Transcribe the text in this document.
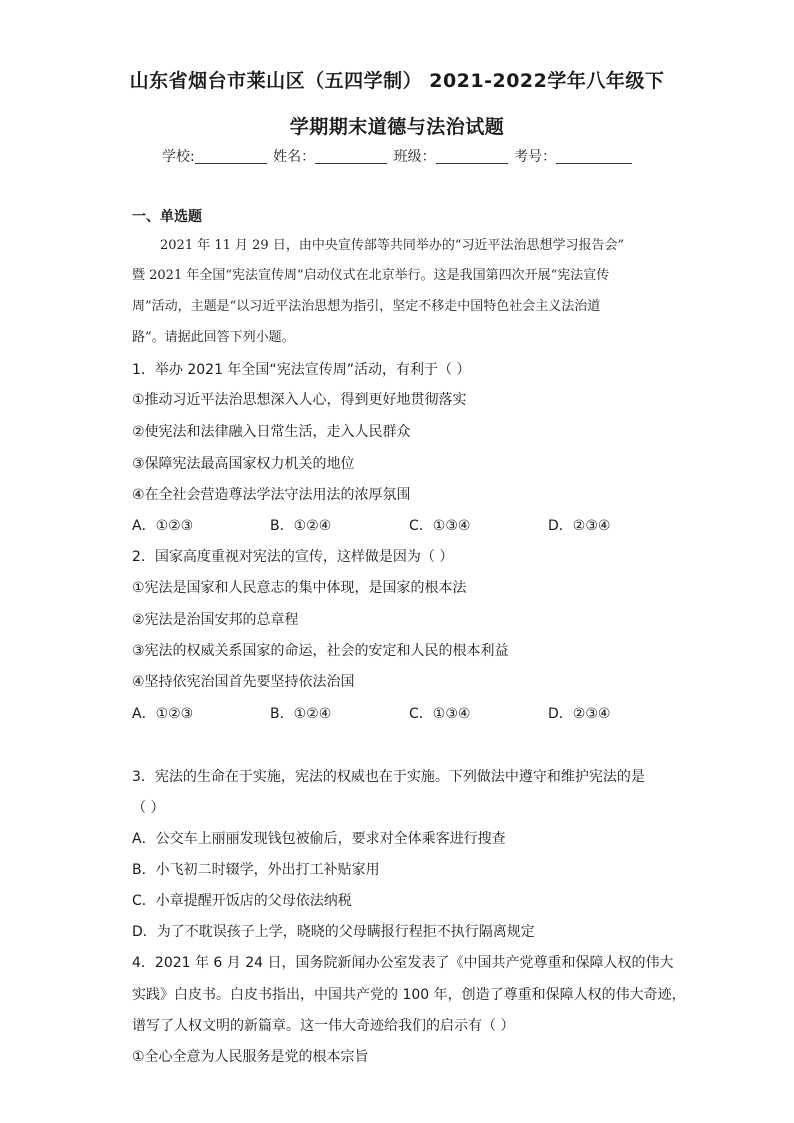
山东省烟台市莱山区（五四学制） 2021-2022学年八年级下
学期期末道德与法治试题
学校:	姓名：	班级：	考号：
一、单选题
2021 年 11 月 29 日，由中央宣传部等共同举办的“习近平法治思想学习报告会”
暨 2021 年全国“宪法宣传周”启动仪式在北京举行。这是我国第四次开展“宪法宣传
周”活动，主题是“以习近平法治思想为指引，坚定不移走中国特色社会主义法治道
路”。请据此回答下列小题。
1．举办 2021 年全国“宪法宣传周”活动，有利于（ ）
①推动习近平法治思想深入人心，得到更好地贯彻落实
②使宪法和法律融入日常生活，走入人民群众
③保障宪法最高国家权力机关的地位
④在全社会营造尊法学法守法用法的浓厚氛围
A．①②③	B．①②④	C．①③④	D．②③④
2．国家高度重视对宪法的宣传，这样做是因为（ ）
①宪法是国家和人民意志的集中体现，是国家的根本法
②宪法是治国安邦的总章程
③宪法的权威关系国家的命运，社会的安定和人民的根本利益
④坚持依宪治国首先要坚持依法治国
A．①②③	B．①②④	C．①③④	D．②③④
3．宪法的生命在于实施，宪法的权威也在于实施。下列做法中遵守和维护宪法的是
（ ）
A．公交车上丽丽发现钱包被偷后，要求对全体乘客进行搜查
B．小飞初二时辍学，外出打工补贴家用
C．小章提醒开饭店的父母依法纳税
D．为了不耽误孩子上学，晓晓的父母瞒报行程拒不执行隔离规定
4．2021 年 6 月 24 日，国务院新闻办公室发表了《中国共产党尊重和保障人权的伟大
实践》白皮书。白皮书指出，中国共产党的 100 年，创造了尊重和保障人权的伟大奇迹，
谱写了人权文明的新篇章。这一伟大奇迹给我们的启示有（ ）
①全心全意为人民服务是党的根本宗旨
